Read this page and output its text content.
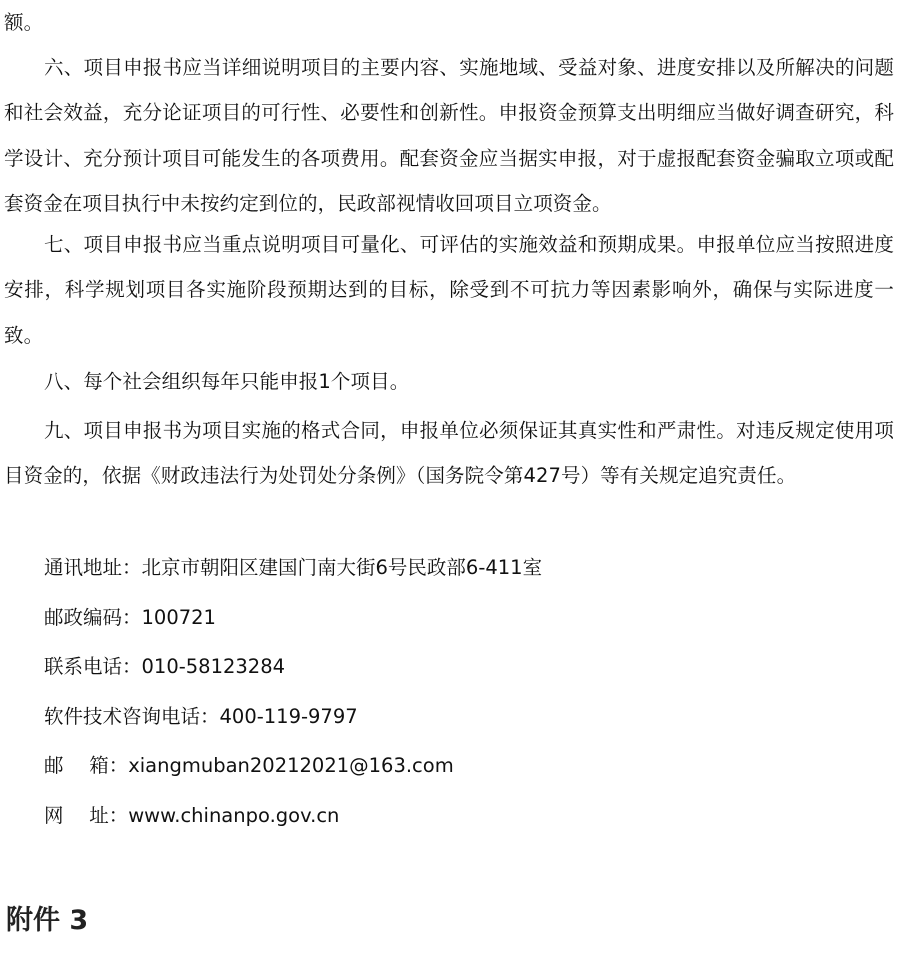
额。

六、项目申报书应当详细说明项目的主要内容、实施地域、受益对象、进度安排以及所解决的问题和社会效益，充分论证项目的可行性、必要性和创新性。申报资金预算支出明细应当做好调查研究，科学设计、充分预计项目可能发生的各项费用。配套资金应当据实申报，对于虚报配套资金骗取立项或配套资金在项目执行中未按约定到位的，民政部视情收回项目立项资金。

七、项目申报书应当重点说明项目可量化、可评估的实施效益和预期成果。申报单位应当按照进度安排，科学规划项目各实施阶段预期达到的目标，除受到不可抗力等因素影响外，确保与实际进度一致。

八、每个社会组织每年只能申报1个项目。

九、项目申报书为项目实施的格式合同，申报单位必须保证其真实性和严肃性。对违反规定使用项目资金的，依据《财政违法行为处罚处分条例》（国务院令第427号）等有关规定追究责任。

通讯地址：北京市朝阳区建国门南大街6号民政部6-411室

邮政编码：100721

联系电话：010-58123284

软件技术咨询电话：400-119-9797

邮　 箱：xiangmuban20212021@163.com

网　 址：www.chinanpo.gov.cn

附件 3
